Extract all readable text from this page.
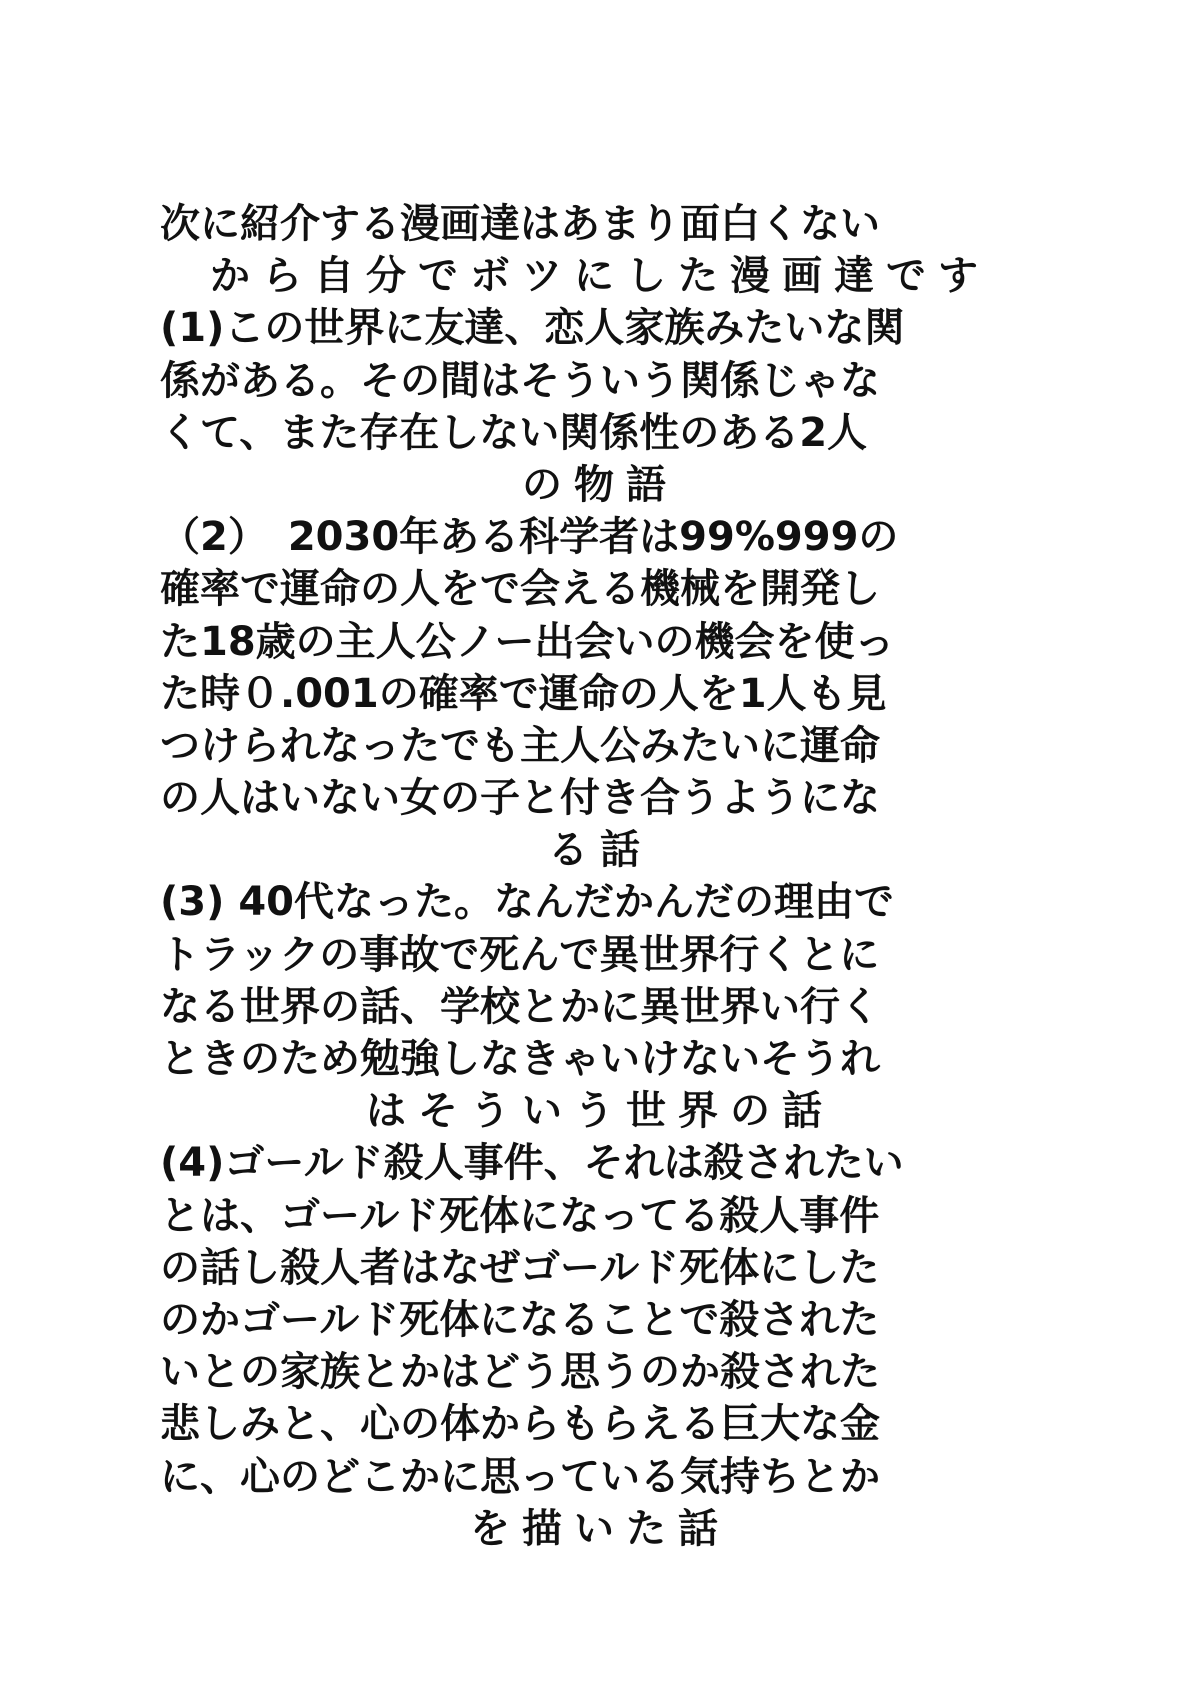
次に紹介する漫画達はあまり面白くない
から自分でボツにした漫画達です
(1)この世界に友達、恋人家族みたいな関
係がある。その間はそういう関係じゃな
くて、また存在しない関係性のある2人
の物語
（2）　2030年ある科学者は99%999の
確率で運命の人をで会える機械を開発し
た18歳の主人公ノー出会いの機会を使っ
た時０.001の確率で運命の人を1人も見
つけられなったでも主人公みたいに運命
の人はいない女の子と付き合うようにな
る話
(3) 40代なった。なんだかんだの理由で
トラックの事故で死んで異世界行くとに
なる世界の話、学校とかに異世界い行く
ときのため勉強しなきゃいけないそうれ
はそういう世界の話
(4)ゴールド殺人事件、それは殺されたい
とは、ゴールド死体になってる殺人事件
の話し殺人者はなぜゴールド死体にした
のかゴールド死体になることで殺された
いとの家族とかはどう思うのか殺された
悲しみと、心の体からもらえる巨大な金
に、心のどこかに思っている気持ちとか
を描いた話
